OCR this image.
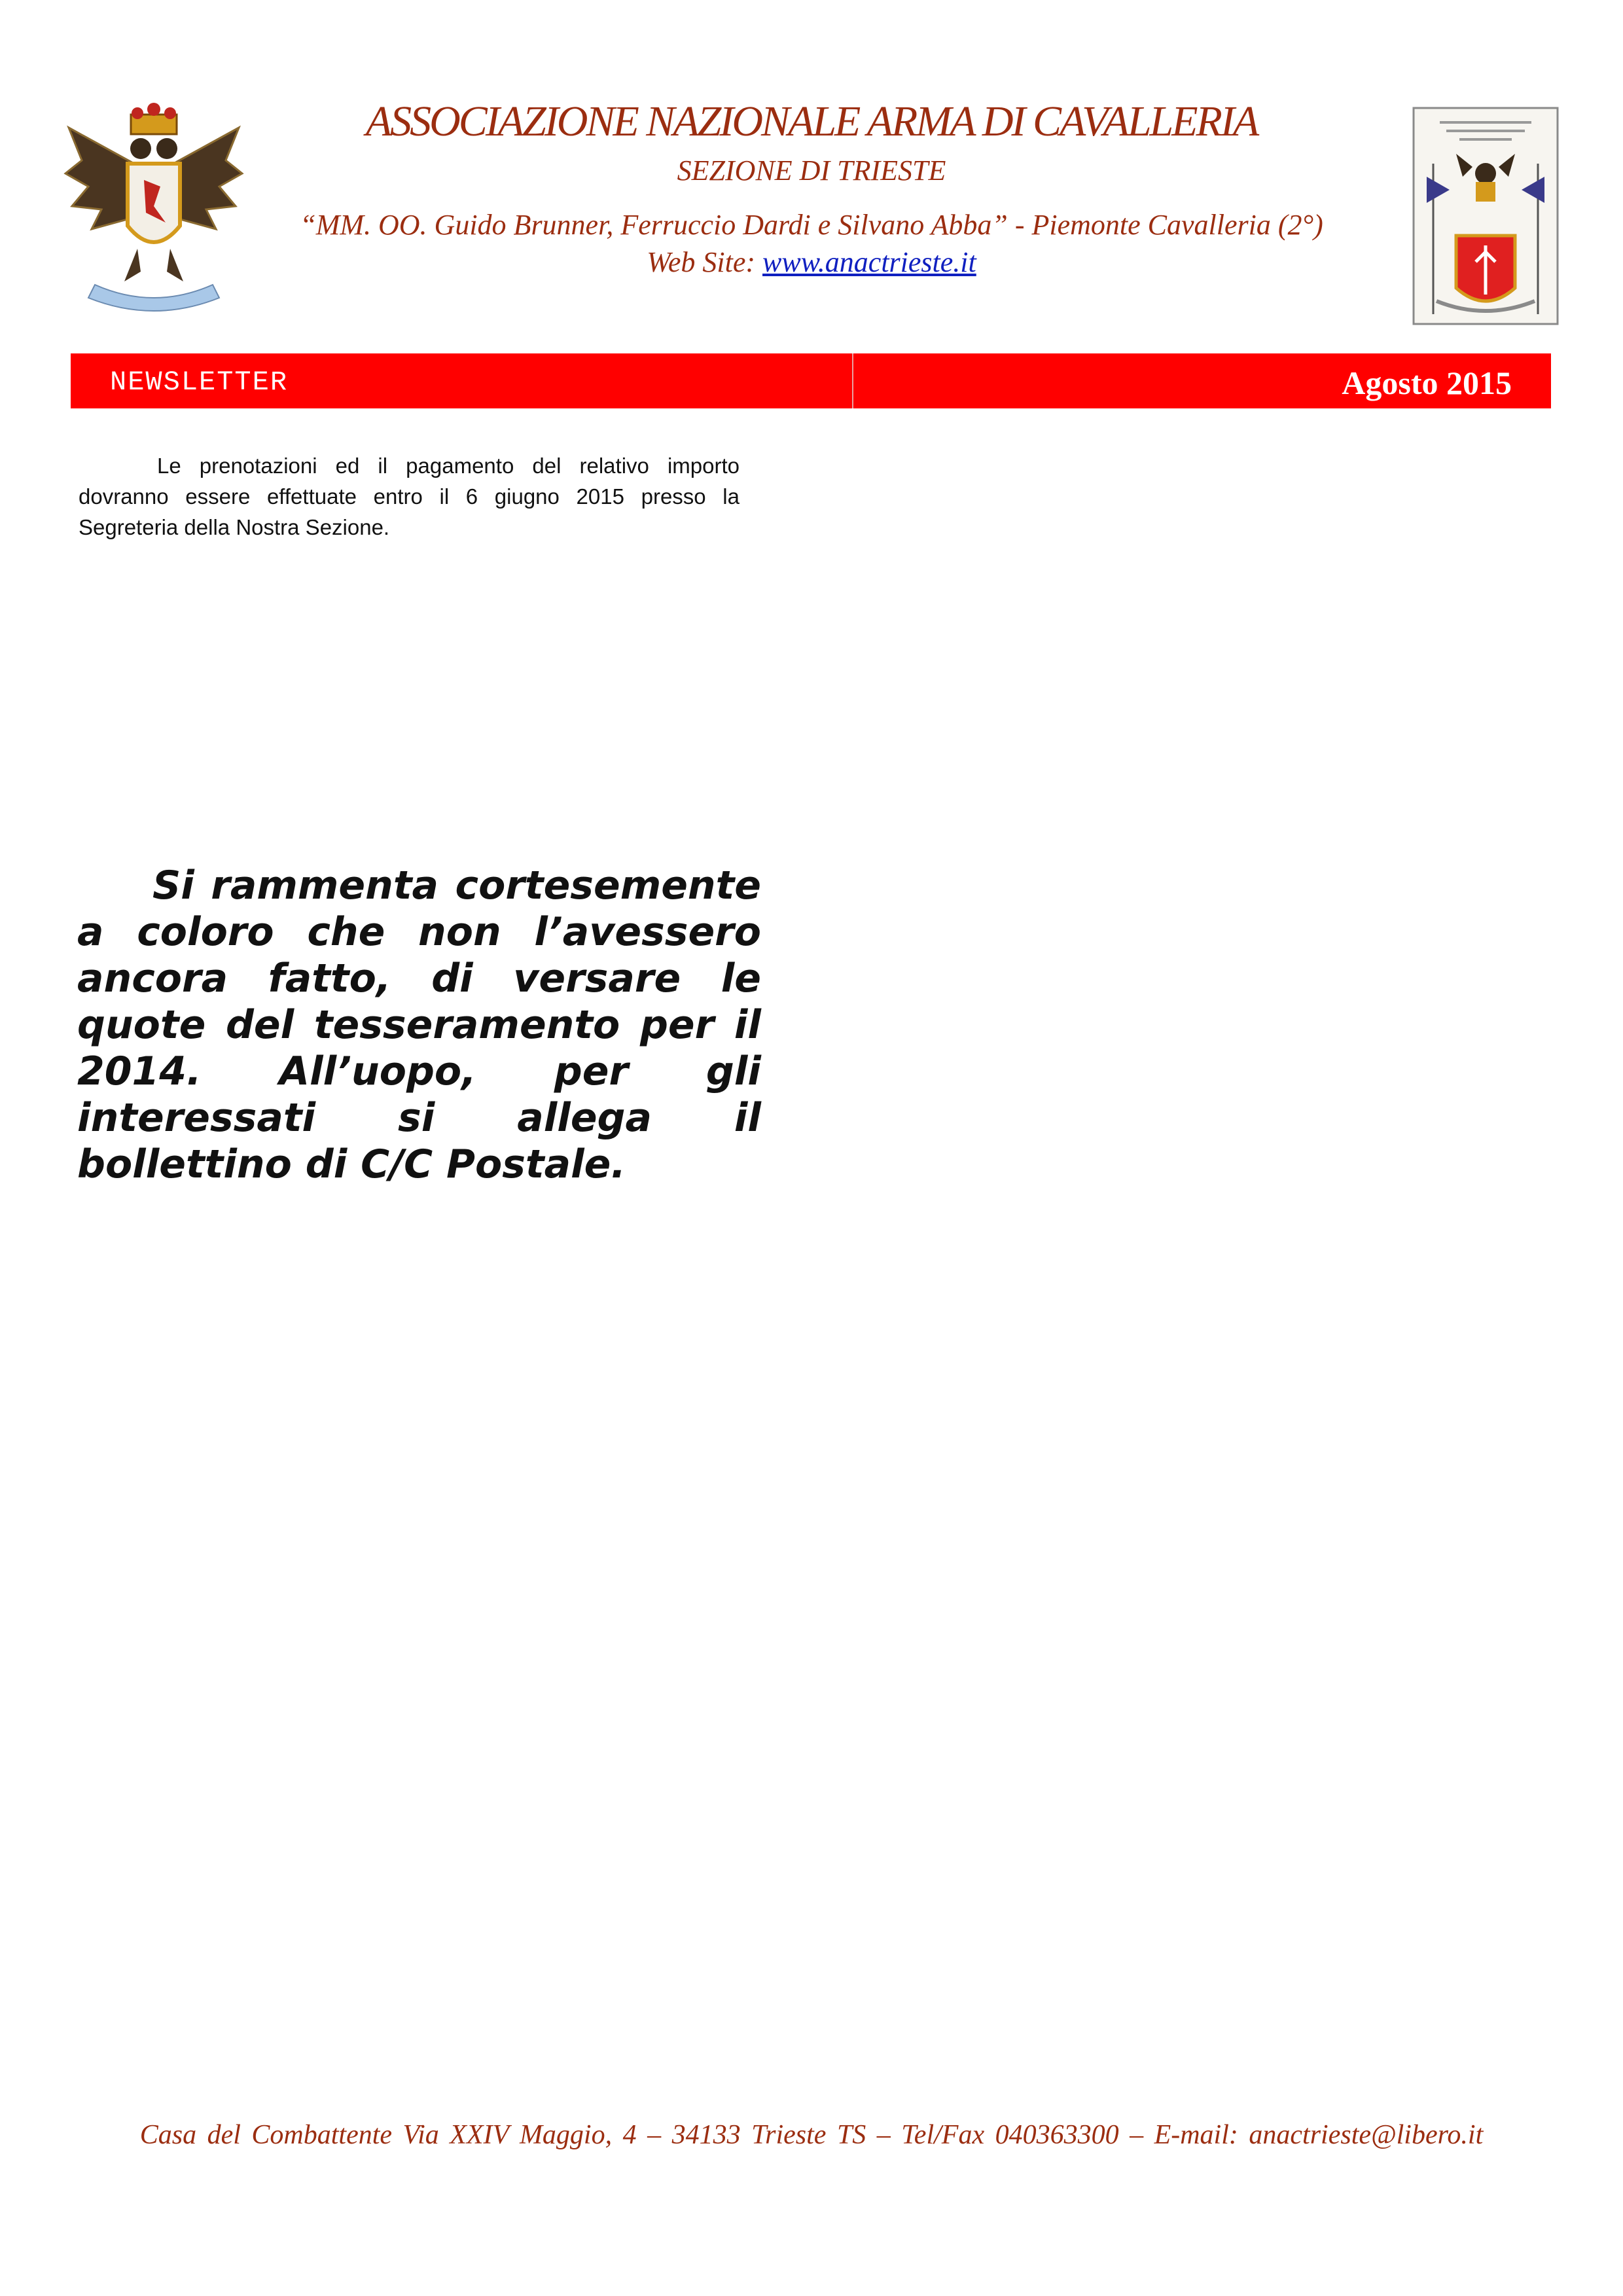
ASSOCIAZIONE NAZIONALE ARMA DI CAVALLERIA
SEZIONE DI TRIESTE
“MM. OO. Guido Brunner, Ferruccio Dardi e Silvano Abba” - Piemonte Cavalleria (2°)
Web Site: www.anactrieste.it
NEWSLETTER	Agosto 2015

Le prenotazioni ed il pagamento del relativo importo dovranno essere effettuate entro il 6 giugno 2015 presso la Segreteria della Nostra Sezione.

Si rammenta cortesemente a coloro che non l’avessero ancora fatto, di versare le quote del tesseramento per il 2014. All’uopo, per gli interessati si allega il bollettino di C/C Postale.

Casa del Combattente Via XXIV Maggio, 4 – 34133 Trieste TS – Tel/Fax 040363300 – E-mail: anactrieste@libero.it
